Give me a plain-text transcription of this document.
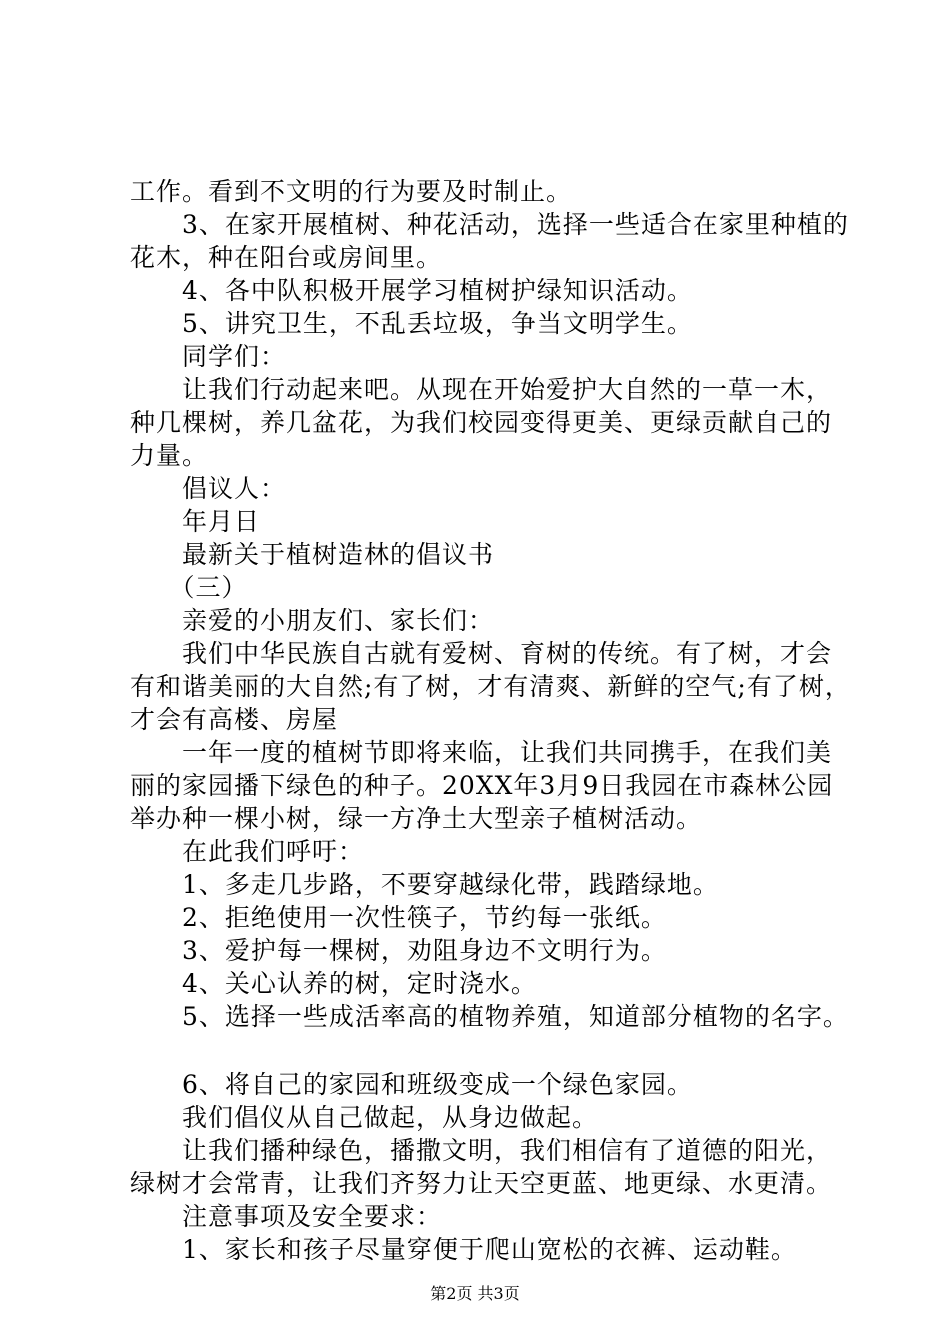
工作。看到不文明的行为要及时制止。
　　3、在家开展植树、种花活动，选择一些适合在家里种植的
花木，种在阳台或房间里。
　　4、各中队积极开展学习植树护绿知识活动。
　　5、讲究卫生，不乱丢垃圾，争当文明学生。
　　同学们：
　　让我们行动起来吧。从现在开始爱护大自然的一草一木，
种几棵树，养几盆花，为我们校园变得更美、更绿贡献自己的
力量。
　　倡议人：
　　年月日
　　最新关于植树造林的倡议书
　　（三）
　　亲爱的小朋友们、家长们：
　　我们中华民族自古就有爱树、育树的传统。有了树，才会
有和谐美丽的大自然;有了树，才有清爽、新鲜的空气;有了树，
才会有高楼、房屋
　　一年一度的植树节即将来临，让我们共同携手，在我们美
丽的家园播下绿色的种子。20XX年3月9日我园在市森林公园
举办种一棵小树，绿一方净土大型亲子植树活动。
　　在此我们呼吁：
　　1、多走几步路，不要穿越绿化带，践踏绿地。
　　2、拒绝使用一次性筷子，节约每一张纸。
　　3、爱护每一棵树，劝阻身边不文明行为。
　　4、关心认养的树，定时浇水。
　　5、选择一些成活率高的植物养殖，知道部分植物的名字。
　　6、将自己的家园和班级变成一个绿色家园。
　　我们倡仪从自己做起，从身边做起。
　　让我们播种绿色，播撒文明，我们相信有了道德的阳光，
绿树才会常青，让我们齐努力让天空更蓝、地更绿、水更清。
　　注意事项及安全要求：
　　1、家长和孩子尽量穿便于爬山宽松的衣裤、运动鞋。
第2页 共3页
